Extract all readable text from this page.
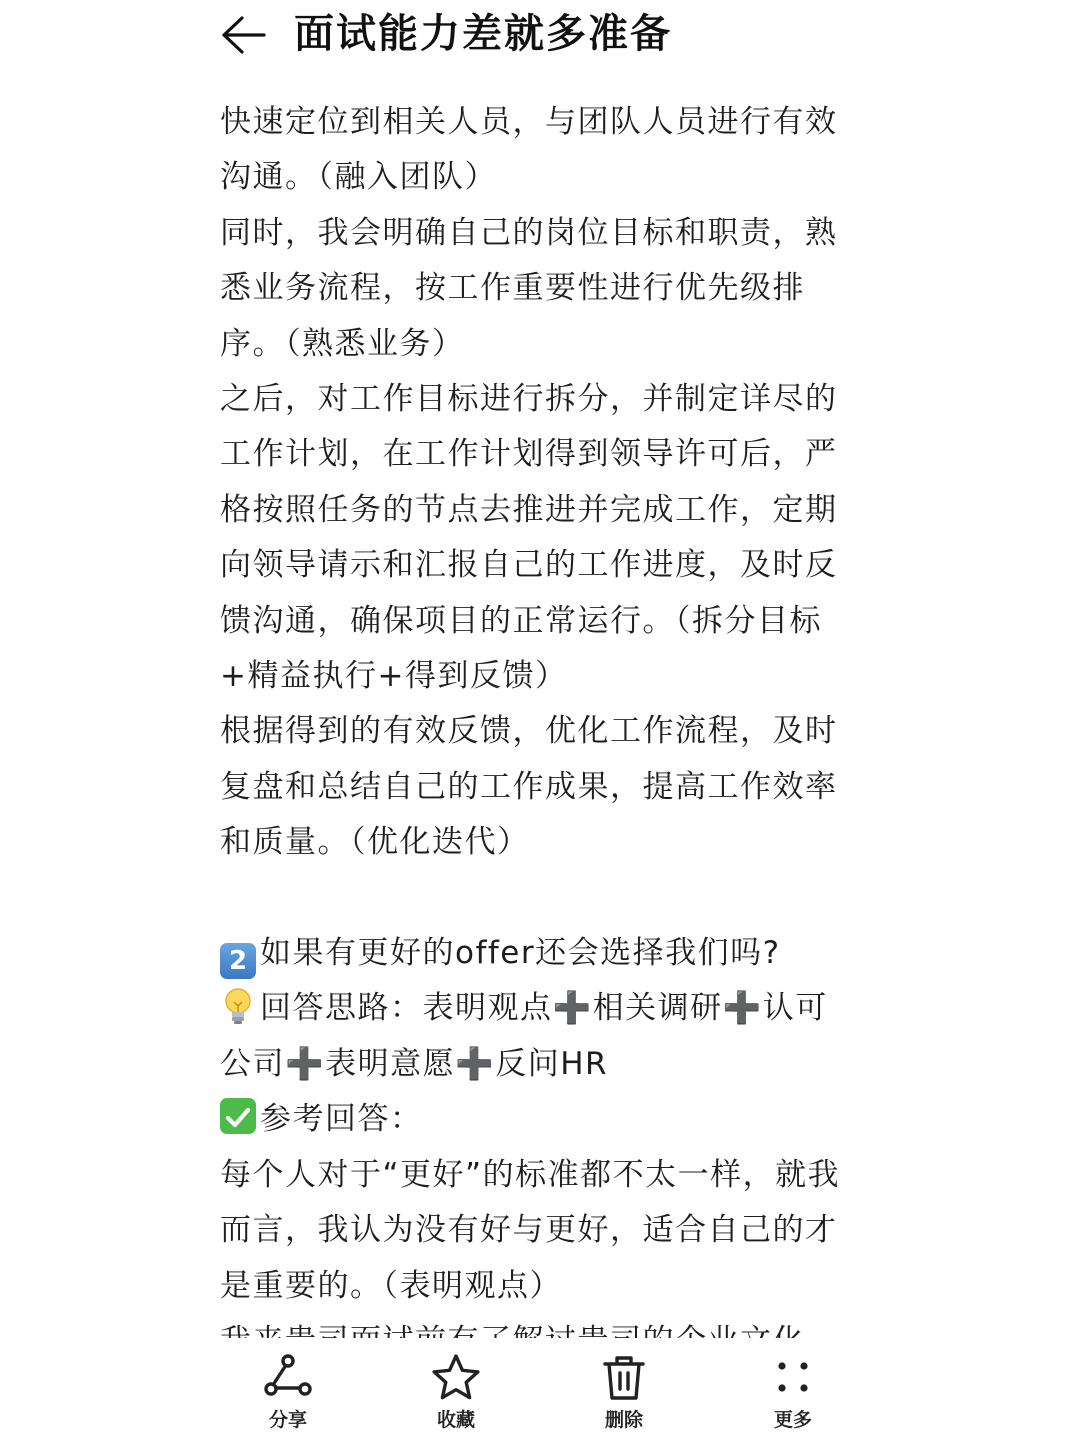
面试能力差就多准备
快速定位到相关人员，与团队人员进行有效
沟通。（融入团队）
同时，我会明确自己的岗位目标和职责，熟
悉业务流程，按工作重要性进行优先级排
序。（熟悉业务）
之后，对工作目标进行拆分，并制定详尽的
工作计划，在工作计划得到领导许可后，严
格按照任务的节点去推进并完成工作，定期
向领导请示和汇报自己的工作进度，及时反
馈沟通，确保项目的正常运行。（拆分目标
+精益执行+得到反馈）
根据得到的有效反馈，优化工作流程，及时
复盘和总结自己的工作成果，提高工作效率
和质量。（优化迭代）
2 如果有更好的offer还会选择我们吗?
回答思路：表明观点➕相关调研➕认可
公司➕表明意愿➕反问HR
参考回答：
每个人对于“更好”的标准都不太一样，就我
而言，我认为没有好与更好，适合自己的才
是重要的。（表明观点）
分享	收藏	删除	更多
